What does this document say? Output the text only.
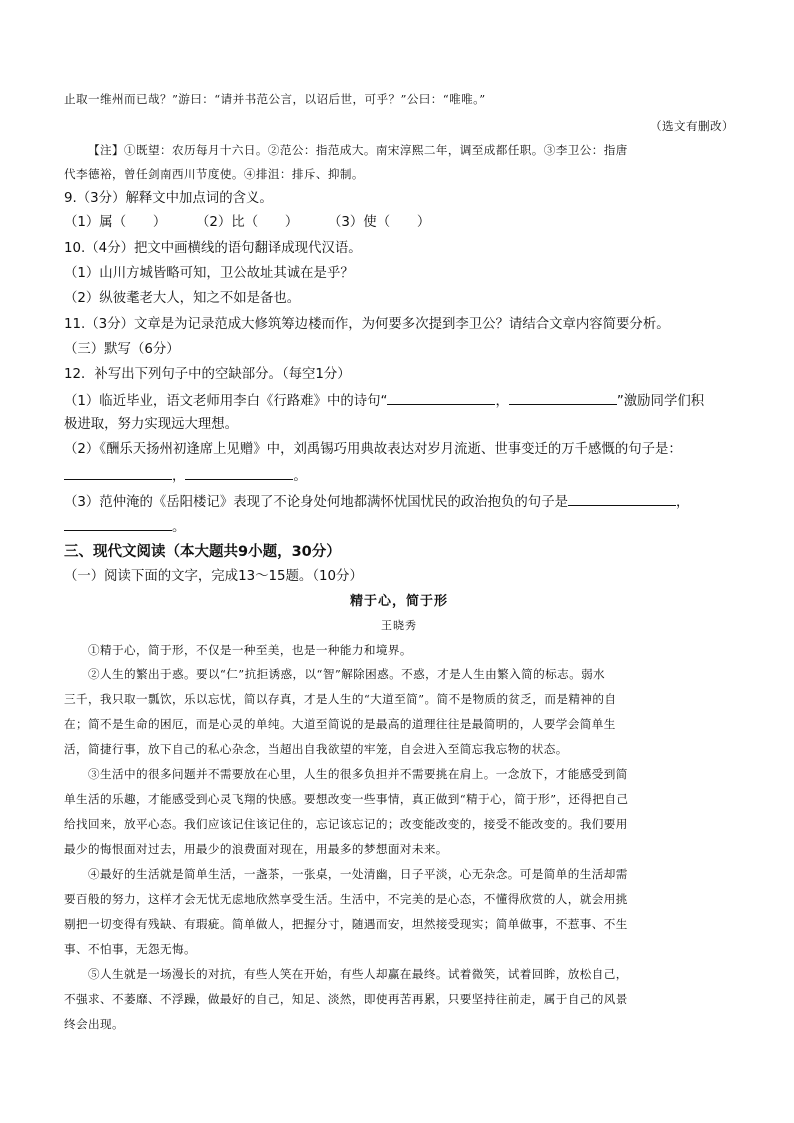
止取一维州而已哉？”游曰：“请并书范公言，以诏后世，可乎？”公曰：“唯唯。”
（选文有删改）
【注】①既望：农历每月十六日。②范公：指范成大。南宋淳熙二年，调至成都任职。③李卫公：指唐
代李德裕，曾任剑南西川节度使。④排沮：排斥、抑制。
9.（3分）解释文中加点词的含义。
（1）属（　　） （2）比（　　） （3）使（　　）
10.（4分）把文中画横线的语句翻译成现代汉语。
（1）山川方城皆略可知，卫公故址其诚在是乎？
（2）纵彼耄老大人，知之不如是备也。
11.（3分）文章是为记录范成大修筑筹边楼而作，为何要多次提到李卫公？请结合文章内容简要分析。
（三）默写（6分）
12．补写出下列句子中的空缺部分。（每空1分）
（1）临近毕业，语文老师用李白《行路难》中的诗句“	，	”激励同学们积
极进取，努力实现远大理想。
（2）《酬乐天扬州初逢席上见赠》中，刘禹锡巧用典故表达对岁月流逝、世事变迁的万千感慨的句子是：
，	。
（3）范仲淹的《岳阳楼记》表现了不论身处何地都满怀忧国忧民的政治抱负的句子是	，
。
三、现代文阅读（本大题共9小题，30分）
（一）阅读下面的文字，完成13～15题。（10分）
精于心，简于形
王晓秀
①精于心，简于形，不仅是一种至美，也是一种能力和境界。
②人生的繁出于惑。要以“仁”抗拒诱惑，以“智”解除困惑。不惑，才是人生由繁入简的标志。弱水
三千，我只取一瓢饮，乐以忘忧，简以存真，才是人生的“大道至简”。简不是物质的贫乏，而是精神的自
在；简不是生命的困厄，而是心灵的单纯。大道至简说的是最高的道理往往是最简明的，人要学会简单生
活，简捷行事，放下自己的私心杂念，当超出自我欲望的牢笼，自会进入至简忘我忘物的状态。
③生活中的很多问题并不需要放在心里，人生的很多负担并不需要挑在肩上。一念放下，才能感受到简
单生活的乐趣，才能感受到心灵飞翔的快感。要想改变一些事情，真正做到“精于心，简于形”，还得把自己
给找回来，放平心态。我们应该记住该记住的，忘记该忘记的；改变能改变的，接受不能改变的。我们要用
最少的悔恨面对过去，用最少的浪费面对现在，用最多的梦想面对未来。
④最好的生活就是简单生活，一盏茶，一张桌，一处清幽，日子平淡，心无杂念。可是简单的生活却需
要百般的努力，这样才会无忧无虑地欣然享受生活。生活中，不完美的是心态，不懂得欣赏的人，就会用挑
剔把一切变得有残缺、有瑕疵。简单做人，把握分寸，随遇而安，坦然接受现实；简单做事，不惹事、不生
事、不怕事，无怨无悔。
⑤人生就是一场漫长的对抗，有些人笑在开始，有些人却赢在最终。试着微笑，试着回眸，放松自己，
不强求、不萎靡、不浮躁，做最好的自己，知足、淡然，即使再苦再累，只要坚持往前走，属于自己的风景
终会出现。
